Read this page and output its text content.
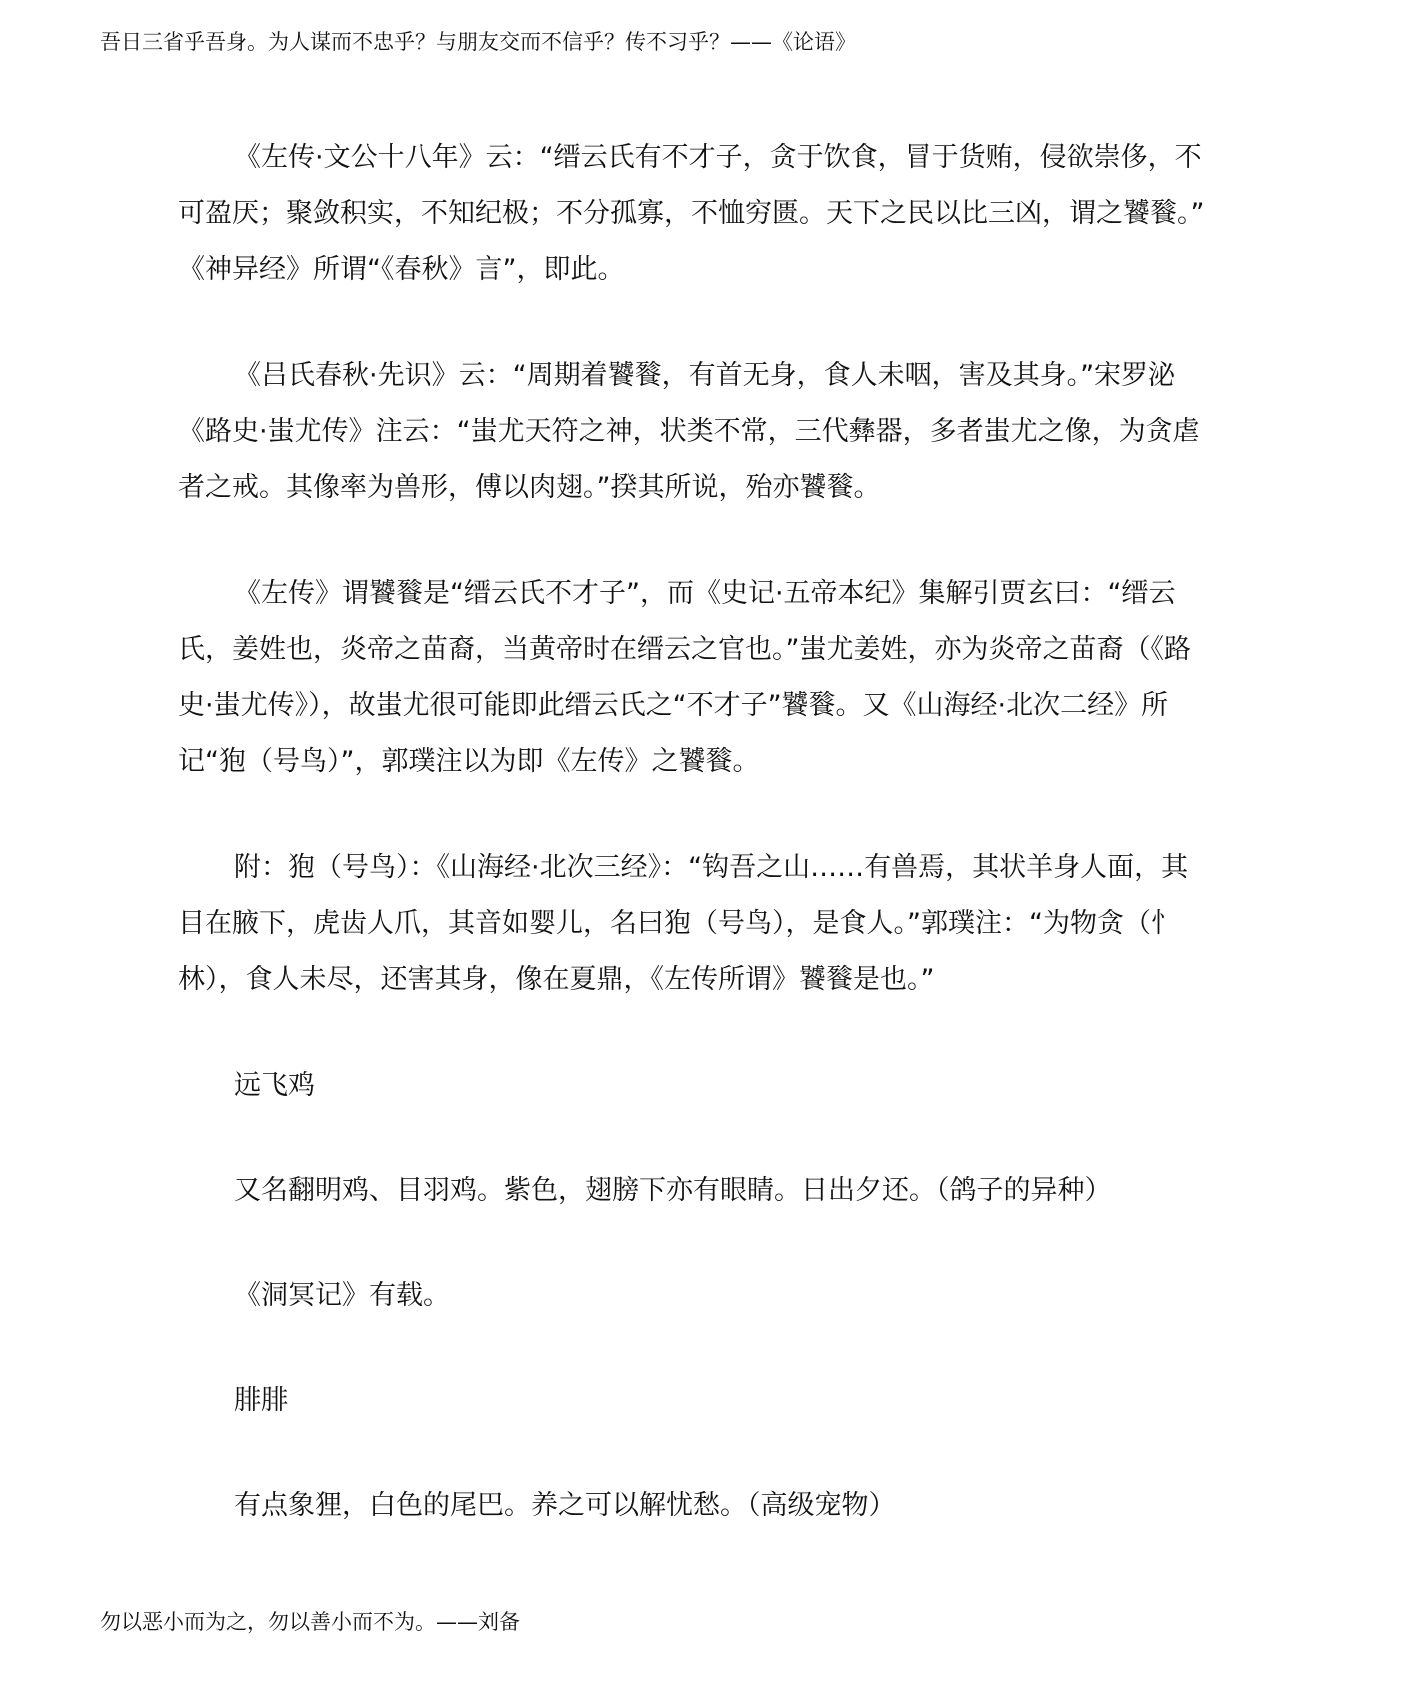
吾日三省乎吾身。为人谋而不忠乎？与朋友交而不信乎？传不习乎？——《论语》

《左传·文公十八年》云：“缙云氏有不才子，贪于饮食，冒于货贿，侵欲崇侈，不
可盈厌；聚敛积实，不知纪极；不分孤寡，不恤穷匮。天下之民以比三凶，谓之饕餮。”
《神异经》所谓“《春秋》言”，即此。

《吕氏春秋·先识》云：“周期着饕餮，有首无身，食人未咽，害及其身。”宋罗泌
《路史·蚩尤传》注云：“蚩尤天符之神，状类不常，三代彝器，多者蚩尤之像，为贪虐
者之戒。其像率为兽形，傅以肉翅。”揆其所说，殆亦饕餮。

《左传》谓饕餮是“缙云氏不才子”，而《史记·五帝本纪》集解引贾玄曰：“缙云
氏，姜姓也，炎帝之苗裔，当黄帝时在缙云之官也。”蚩尤姜姓，亦为炎帝之苗裔（《路
史·蚩尤传》），故蚩尤很可能即此缙云氏之“不才子”饕餮。又《山海经·北次二经》所
记“狍（号鸟）”，郭璞注以为即《左传》之饕餮。

附：狍（号鸟）：《山海经·北次三经》：“钩吾之山……有兽焉，其状羊身人面，其
目在腋下，虎齿人爪，其音如婴儿，名曰狍（号鸟），是食人。”郭璞注：“为物贪（忄
林），食人未尽，还害其身，像在夏鼎，《左传所谓》饕餮是也。”

远飞鸡

又名翻明鸡、目羽鸡。紫色，翅膀下亦有眼睛。日出夕还。（鸽子的异种）

《洞冥记》有载。

腓腓

有点象狸，白色的尾巴。养之可以解忧愁。（高级宠物）

勿以恶小而为之，勿以善小而不为。——刘备
